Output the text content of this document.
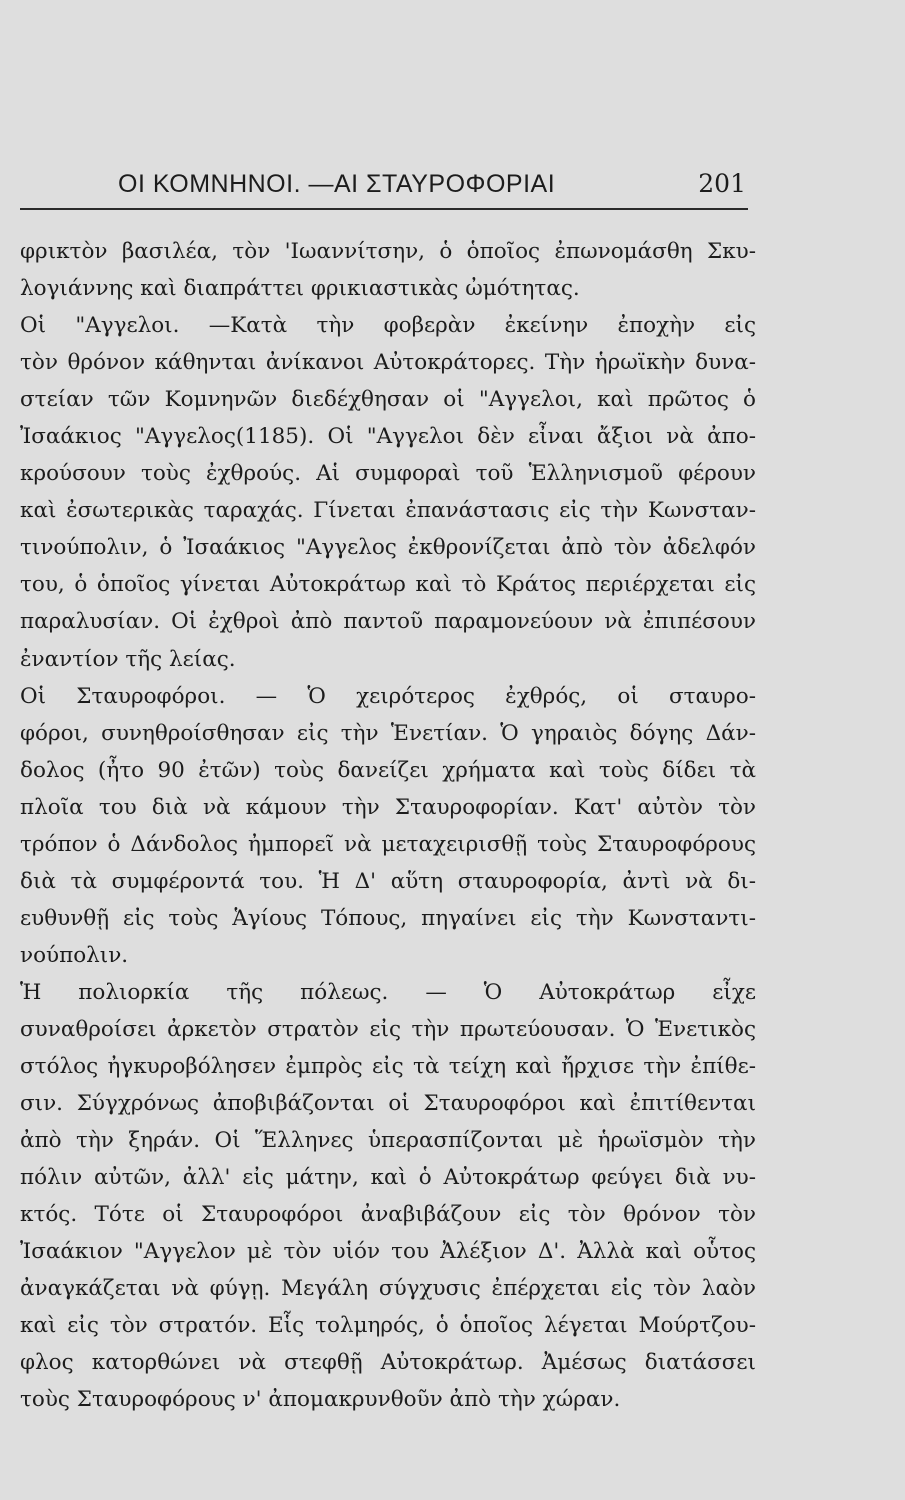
ΟΙ ΚΟΜΝΗΝΟΙ. —ΑΙ ΣΤΑΥΡΟΦΟΡΙΑΙ	201
φρικτὸν βασιλέα, τὸν 'Ιωαννίτσην, ὁ ὁποῖος ἐπωνομάσθη Σκυ-
λογιάννης καὶ διαπράττει φρικιαστικὰς ὠμότητας.
Οἱ "Αγγελοι. —Κατὰ τὴν φοβερὰν ἐκείνην ἐποχὴν εἰς
τὸν θρόνον κάθηνται ἀνίκανοι Αὐτοκράτορες. Τὴν ἡρωϊκὴν δυνα-
στείαν τῶν Κομνηνῶν διεδέχθησαν οἱ "Αγγελοι, καὶ πρῶτος ὁ
Ἰσαάκιος "Αγγελος(1185). Οἱ "Αγγελοι δὲν εἶναι ἄξιοι νὰ ἀπο-
κρούσουν τοὺς ἐχθρούς. Αἱ συμφοραὶ τοῦ Ἑλληνισμοῦ φέρουν
καὶ ἐσωτερικὰς ταραχάς. Γίνεται ἐπανάστασις εἰς τὴν Κωνσταν-
τινούπολιν, ὁ Ἰσαάκιος "Αγγελος ἐκθρονίζεται ἀπὸ τὸν ἀδελφόν
του, ὁ ὁποῖος γίνεται Αὐτοκράτωρ καὶ τὸ Κράτος περιέρχεται εἰς
παραλυσίαν. Οἱ ἐχθροὶ ἀπὸ παντοῦ παραμονεύουν νὰ ἐπιπέσουν
ἐναντίον τῆς λείας.
Οἱ Σταυροφόροι. — Ὁ χειρότερος ἐχθρός, οἱ σταυρο-
φόροι, συνηθροίσθησαν εἰς τὴν Ἑνετίαν. Ὁ γηραιὸς δόγης Δάν-
δολος (ἦτο 90 ἐτῶν) τοὺς δανείζει χρήματα καὶ τοὺς δίδει τὰ
πλοῖα του διὰ νὰ κάμουν τὴν Σταυροφορίαν. Κατ' αὐτὸν τὸν
τρόπον ὁ Δάνδολος ἠμπορεῖ νὰ μεταχειρισθῇ τοὺς Σταυροφόρους
διὰ τὰ συμφέροντά του. Ἡ Δ' αὕτη σταυροφορία, ἀντὶ νὰ δι-
ευθυνθῇ εἰς τοὺς Ἁγίους Τόπους, πηγαίνει εἰς τὴν Κωνσταντι-
νούπολιν.
Ἡ πολιορκία τῆς πόλεως. — Ὁ Αὐτοκράτωρ εἶχε
συναθροίσει ἀρκετὸν στρατὸν εἰς τὴν πρωτεύουσαν. Ὁ Ἑνετικὸς
στόλος ἠγκυροβόλησεν ἐμπρὸς εἰς τὰ τείχη καὶ ἤρχισε τὴν ἐπίθε-
σιν. Σύγχρόνως ἀποβιβάζονται οἱ Σταυροφόροι καὶ ἐπιτίθενται
ἀπὸ τὴν ξηράν. Οἱ Ἕλληνες ὑπερασπίζονται μὲ ἡρωϊσμὸν τὴν
πόλιν αὐτῶν, ἀλλ' εἰς μάτην, καὶ ὁ Αὐτοκράτωρ φεύγει διὰ νυ-
κτός. Τότε οἱ Σταυροφόροι ἀναβιβάζουν εἰς τὸν θρόνον τὸν
Ἰσαάκιον "Αγγελον μὲ τὸν υἱόν του Ἀλέξιον Δ'. Ἀλλὰ καὶ οὗτος
ἀναγκάζεται νὰ φύγῃ. Μεγάλη σύγχυσις ἐπέρχεται εἰς τὸν λαὸν
καὶ εἰς τὸν στρατόν. Εἷς τολμηρός, ὁ ὁποῖος λέγεται Μούρτζου-
φλος κατορθώνει νὰ στεφθῇ Αὐτοκράτωρ. Ἀμέσως διατάσσει
τοὺς Σταυροφόρους ν' ἀπομακρυνθοῦν ἀπὸ τὴν χώραν.
